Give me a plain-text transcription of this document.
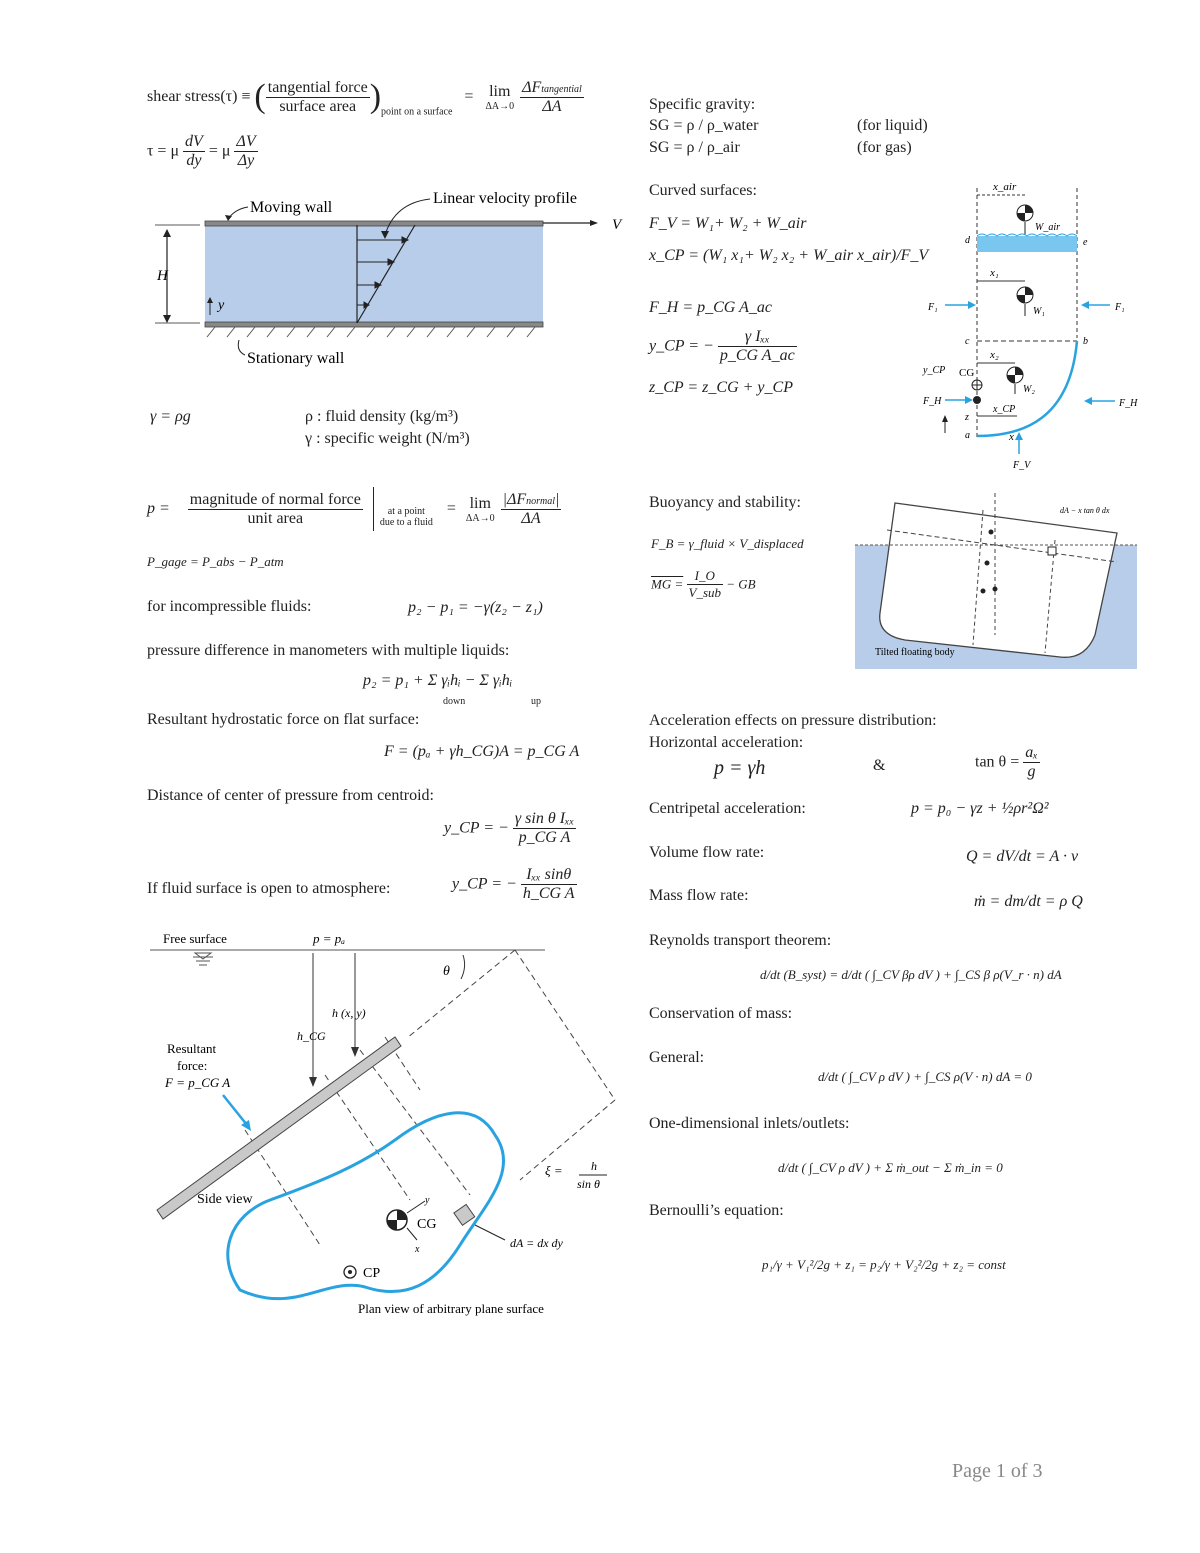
shear stress(τ) ≡ ( $\frac{\text{tangential force}}{\text{surface area}} )_{point on a surface} = \lim$
ΔA→0
$\frac{\text{ΔFtangential}}{\Delta A}$
τ = μ $\frac{dV}{dy} = \mu \frac{\Delta V}{\Delta y}$
V
H
y
Moving wall
Linear velocity profile
Stationary wall
γ = ρg	ρ : fluid density (kg/m³)
γ : specific weight (N/m³)
$p = \frac{\text{magnitude of normal force}}{\text{unit area}}$
	at a point
due to a fluid
= lim
ΔA→0
$\frac{\text{|ΔFnormal|}}{\Delta A}$
P_gage = P_abs − P_atm
for incompressible fluids:	p₂ − p₁ = −γ(z₂ − z₁)
pressure difference in manometers with multiple liquids:
p₂ = p₁ + Σ γᵢhᵢ − Σ γᵢhᵢ
down	up
Resultant hydrostatic force on flat surface:
F = (pₐ + γh_CG)A = p_CG A
Distance of center of pressure from centroid:
y_CP = − $\frac{\text{γ sin θ Iₓₓ}}{\text{p\_CG A}}$
If fluid surface is open to atmosphere:	y_CP = − $\frac{\text{Iₓₓ sinθ}}{\text{h\_CG A}}$
Free surface	p = pₐ
θ
h (x, y)
h_CG
Resultant
force:
F = p_CG A
ξ = h
sin θ
Side view
CG
y
x	dA = dx dy
CP
Plan view of arbitrary plane surface
Specific gravity:
SG = ρ / ρ_water	(for liquid)
SG = ρ / ρ_air	(for gas)
Curved surfaces:
F_V = W₁+ W₂ + W_air
x_CP = (W₁ x₁+ W₂ x₂ + W_air x_air)/F_V
F_H = p_CG A_ac
y_CP = − $\frac{\text{γ Iₓₓ}}{\text{p\_CG A\_ac}}$
z_CP = z_CG + y_CP
x_air
W_air
d	e
x₁
W₁
F₁	F₁
c	b
x₂
W₂
y_CP CG
F_H
x_CP
F_H
z
a	x
F_V
Buoyancy and stability:
F_B = γ_fluid × V_displaced
MG = $\frac{I\_O}{\text{V\_sub}}$ − GB
dA − x tan θ dx
Tilted floating body
Acceleration effects on pressure distribution:
Horizontal acceleration:
p = γh	&	$\tan \theta = \frac{\text{aₓ}}{g}$
Centripetal acceleration:	p = p₀ − γz + ½ρr²Ω²
Volume flow rate:	Q = dV/dt = A · v
Mass flow rate:	ṁ = dm/dt = ρ Q
Reynolds transport theorem:
d/dt (B_syst) = d/dt ( ∫_CV βρ dV ) + ∫_CS β ρ(V_r · n) dA
Conservation of mass:
General:
d/dt ( ∫_CV ρ dV ) + ∫_CS ρ(V · n) dA = 0
One-dimensional inlets/outlets:
d/dt ( ∫_CV ρ dV ) + Σ ṁ_out − Σ ṁ_in = 0
Bernoulli’s equation:
p₁/γ + V₁²/2g + z₁ = p₂/γ + V₂²/2g + z₂ = const
Page 1 of 3
